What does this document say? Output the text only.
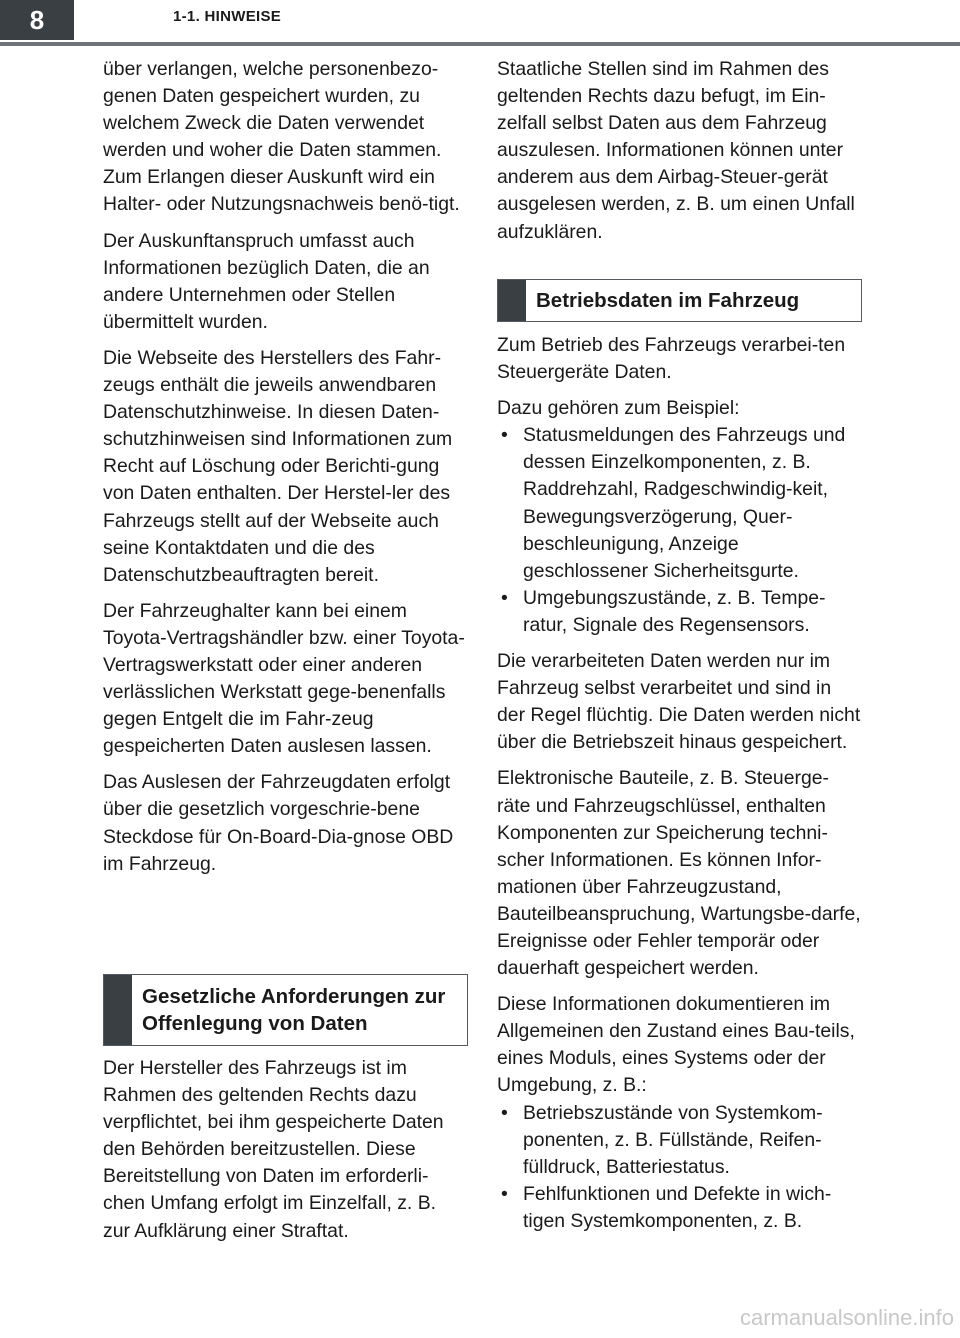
8	1-1. HINWEISE

über verlangen, welche personenbezo-genen Daten gespeichert wurden, zu welchem Zweck die Daten verwendet werden und woher die Daten stammen. Zum Erlangen dieser Auskunft wird ein Halter- oder Nutzungsnachweis benö-tigt.

Der Auskunftanspruch umfasst auch Informationen bezüglich Daten, die an andere Unternehmen oder Stellen übermittelt wurden.

Die Webseite des Herstellers des Fahr-zeugs enthält die jeweils anwendbaren Datenschutzhinweise. In diesen Daten-schutzhinweisen sind Informationen zum Recht auf Löschung oder Berichti-gung von Daten enthalten. Der Herstel-ler des Fahrzeugs stellt auf der Webseite auch seine Kontaktdaten und die des Datenschutzbeauftragten bereit.

Der Fahrzeughalter kann bei einem Toyota-Vertragshändler bzw. einer Toyota-Vertragswerkstatt oder einer anderen verlässlichen Werkstatt gege-benenfalls gegen Entgelt die im Fahr-zeug gespeicherten Daten auslesen lassen.

Das Auslesen der Fahrzeugdaten erfolgt über die gesetzlich vorgeschrie-bene Steckdose für On-Board-Dia-gnose OBD im Fahrzeug.

Gesetzliche Anforderungen zur Offenlegung von Daten

Der Hersteller des Fahrzeugs ist im Rahmen des geltenden Rechts dazu verpflichtet, bei ihm gespeicherte Daten den Behörden bereitzustellen. Diese Bereitstellung von Daten im erforderli-chen Umfang erfolgt im Einzelfall, z. B. zur Aufklärung einer Straftat.

Staatliche Stellen sind im Rahmen des geltenden Rechts dazu befugt, im Ein-zelfall selbst Daten aus dem Fahrzeug auszulesen. Informationen können unter anderem aus dem Airbag-Steuer-gerät ausgelesen werden, z. B. um einen Unfall aufzuklären.

Betriebsdaten im Fahrzeug

Zum Betrieb des Fahrzeugs verarbei-ten Steuergeräte Daten.

Dazu gehören zum Beispiel:

• Statusmeldungen des Fahrzeugs und dessen Einzelkomponenten, z. B. Raddrehzahl, Radgeschwindig-keit, Bewegungsverzögerung, Quer-beschleunigung, Anzeige geschlossener Sicherheitsgurte.
• Umgebungszustände, z. B. Tempe-ratur, Signale des Regensensors.

Die verarbeiteten Daten werden nur im Fahrzeug selbst verarbeitet und sind in der Regel flüchtig. Die Daten werden nicht über die Betriebszeit hinaus gespeichert.

Elektronische Bauteile, z. B. Steuerge-räte und Fahrzeugschlüssel, enthalten Komponenten zur Speicherung techni-scher Informationen. Es können Infor-mationen über Fahrzeugzustand, Bauteilbeanspruchung, Wartungsbe-darfe, Ereignisse oder Fehler temporär oder dauerhaft gespeichert werden.

Diese Informationen dokumentieren im Allgemeinen den Zustand eines Bau-teils, eines Moduls, eines Systems oder der Umgebung, z. B.:

• Betriebszustände von Systemkom-ponenten, z. B. Füllstände, Reifen-fülldruck, Batteriestatus.
• Fehlfunktionen und Defekte in wich-tigen Systemkomponenten, z. B.
carmanualsonline.info
